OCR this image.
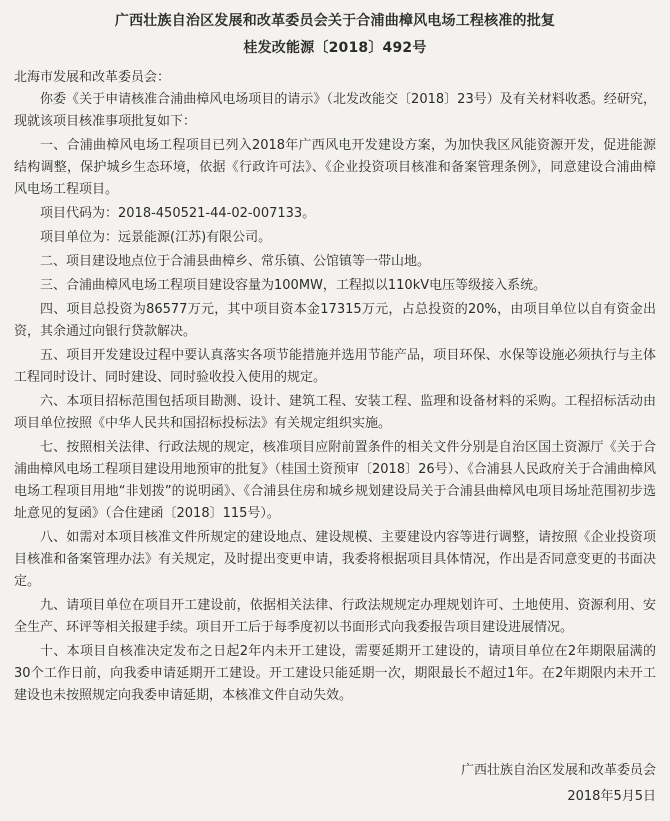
广西壮族自治区发展和改革委员会关于合浦曲樟风电场工程核准的批复
桂发改能源〔2018〕492号
北海市发展和改革委员会：

你委《关于申请核准合浦曲樟风电场项目的请示》（北发改能交〔2018〕23号）及有关材料收悉。经研究，现就该项目核准事项批复如下：

一、合浦曲樟风电场工程项目已列入2018年广西风电开发建设方案，为加快我区风能资源开发，促进能源结构调整，保护城乡生态环境，依据《行政许可法》、《企业投资项目核准和备案管理条例》，同意建设合浦曲樟风电场工程项目。

项目代码为：2018-450521-44-02-007133。

项目单位为：远景能源(江苏)有限公司。

二、项目建设地点位于合浦县曲樟乡、常乐镇、公馆镇等一带山地。

三、合浦曲樟风电场工程项目建设容量为100MW，工程拟以110kV电压等级接入系统。

四、项目总投资为86577万元，其中项目资本金17315万元，占总投资的20%，由项目单位以自有资金出资，其余通过向银行贷款解决。

五、项目开发建设过程中要认真落实各项节能措施并选用节能产品，项目环保、水保等设施必须执行与主体工程同时设计、同时建设、同时验收投入使用的规定。

六、本项目招标范围包括项目勘测、设计、建筑工程、安装工程、监理和设备材料的采购。工程招标活动由项目单位按照《中华人民共和国招标投标法》有关规定组织实施。

七、按照相关法律、行政法规的规定，核准项目应附前置条件的相关文件分别是自治区国土资源厅《关于合浦曲樟风电场工程项目建设用地预审的批复》（桂国土资预审〔2018〕26号）、《合浦县人民政府关于合浦曲樟风电场工程项目用地“非划拨”的说明函》、《合浦县住房和城乡规划建设局关于合浦县曲樟风电项目场址范围初步选址意见的复函》（合住建函〔2018〕115号）。

八、如需对本项目核准文件所规定的建设地点、建设规模、主要建设内容等进行调整，请按照《企业投资项目核准和备案管理办法》有关规定，及时提出变更申请，我委将根据项目具体情况，作出是否同意变更的书面决定。

九、请项目单位在项目开工建设前，依据相关法律、行政法规规定办理规划许可、土地使用、资源利用、安全生产、环评等相关报建手续。项目开工后于每季度初以书面形式向我委报告项目建设进展情况。

十、本项目自核准决定发布之日起2年内未开工建设，需要延期开工建设的，请项目单位在2年期限届满的30个工作日前，向我委申请延期开工建设。开工建设只能延期一次，期限最长不超过1年。在2年期限内未开工建设也未按照规定向我委申请延期，本核准文件自动失效。

广西壮族自治区发展和改革委员会
2018年5月5日
